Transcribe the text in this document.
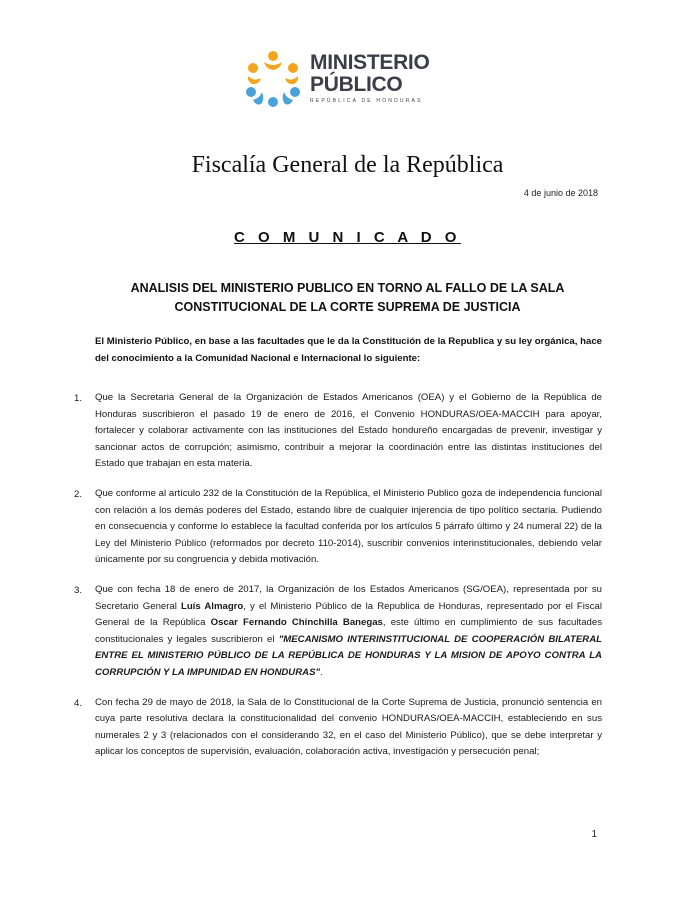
MINISTERIO
PÚBLICO
REPÚBLICA DE HONDURAS
Fiscalía General de la República
4 de junio de 2018
C O M U N I C A D O
ANALISIS DEL MINISTERIO PUBLICO EN TORNO AL FALLO DE LA SALA CONSTITUCIONAL DE LA CORTE SUPREMA DE JUSTICIA
El Ministerio Público, en base a las facultades que le da la Constitución de la Republica y su ley orgánica, hace del conocimiento a la Comunidad Nacional e Internacional lo siguiente:
1. Que la Secretaria General de la Organización de Estados Americanos (OEA) y el Gobierno de la República de Honduras suscribieron el pasado 19 de enero de 2016, el Convenio HONDURAS/OEA-MACCIH para apoyar, fortalecer y colaborar activamente con las instituciones del Estado hondureño encargadas de prevenir, investigar y sancionar actos de corrupción; asimismo, contribuir a mejorar la coordinación entre las distintas instituciones del Estado que trabajan en esta materia.
2. Que conforme al artículo 232 de la Constitución de la República, el Ministerio Publico goza de independencia funcional con relación a los demás poderes del Estado, estando libre de cualquier injerencia de tipo político sectaria. Pudiendo en consecuencia y conforme lo establece la facultad conferida por los artículos 5 párrafo último y 24 numeral 22) de la Ley del Ministerio Público (reformados por decreto 110-2014), suscribir convenios interinstitucionales, debiendo velar únicamente por su congruencia y debida motivación.
3. Que con fecha 18 de enero de 2017, la Organización de los Estados Americanos (SG/OEA), representada por su Secretario General Luís Almagro, y el Ministerio Público de la Republica de Honduras, representado por el Fiscal General de la República Oscar Fernando Chinchilla Banegas, este último en cumplimiento de sus facultades constitucionales y legales suscribieron el "MECANISMO INTERINSTITUCIONAL DE COOPERACIÓN BILATERAL ENTRE EL MINISTERIO PÚBLICO DE LA REPÚBLICA DE HONDURAS Y LA MISION DE APOYO CONTRA LA CORRUPCIÓN Y LA IMPUNIDAD EN HONDURAS".
4. Con fecha 29 de mayo de 2018, la Sala de lo Constitucional de la Corte Suprema de Justicia, pronunció sentencia en cuya parte resolutiva declara la constitucionalidad del convenio HONDURAS/OEA-MACCIH, estableciendo en sus numerales 2 y 3 (relacionados con el considerando 32, en el caso del Ministerio Público), que se debe interpretar y aplicar los conceptos de supervisión, evaluación, colaboración activa, investigación y persecución penal;
1
